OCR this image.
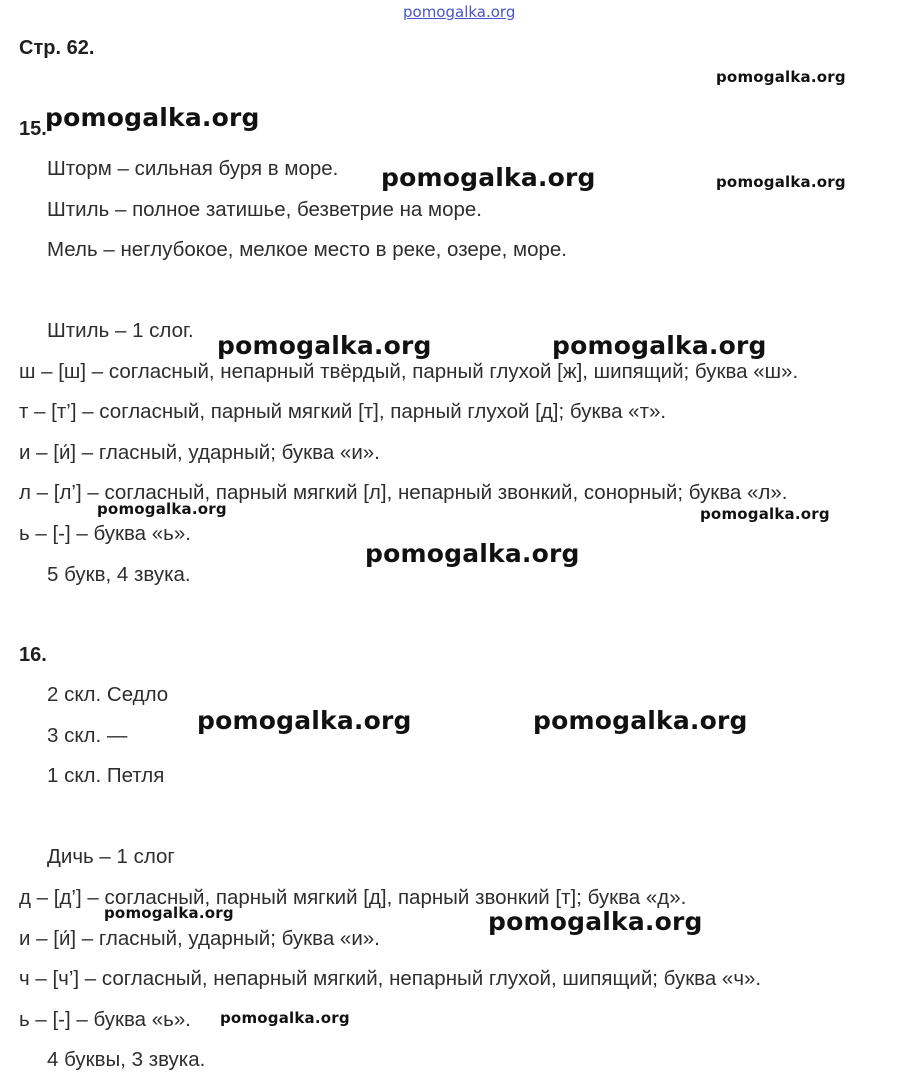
pomogalka.org
Стр. 62.
15.
Шторм – сильная буря в море.
Штиль – полное затишье, безветрие на море.
Мель – неглубокое, мелкое место в реке, озере, море.
Штиль – 1 слог.
ш – [ш] – согласный, непарный твёрдый, парный глухой [ж], шипящий; буква «ш».
т – [т’] – согласный, парный мягкий [т], парный глухой [д]; буква «т».
и – [и́] – гласный, ударный; буква «и».
л – [л’] – согласный, парный мягкий [л], непарный звонкий, сонорный; буква «л».
ь – [-] – буква «ь».
5 букв, 4 звука.
16.
2 скл. Седло
3 скл. —
1 скл. Петля
Дичь – 1 слог
д – [д’] – согласный, парный мягкий [д], парный звонкий [т]; буква «д».
и – [и́] – гласный, ударный; буква «и».
ч – [ч’] – согласный, непарный мягкий, непарный глухой, шипящий; буква «ч».
ь – [-] – буква «ь».
4 буквы, 3 звука.
pomogalka.org
pomogalka.org
pomogalka.org	pomogalka.org
pomogalka.org	pomogalka.org
pomogalka.org	pomogalka.org
pomogalka.org
pomogalka.org	pomogalka.org
pomogalka.org	pomogalka.org
pomogalka.org
